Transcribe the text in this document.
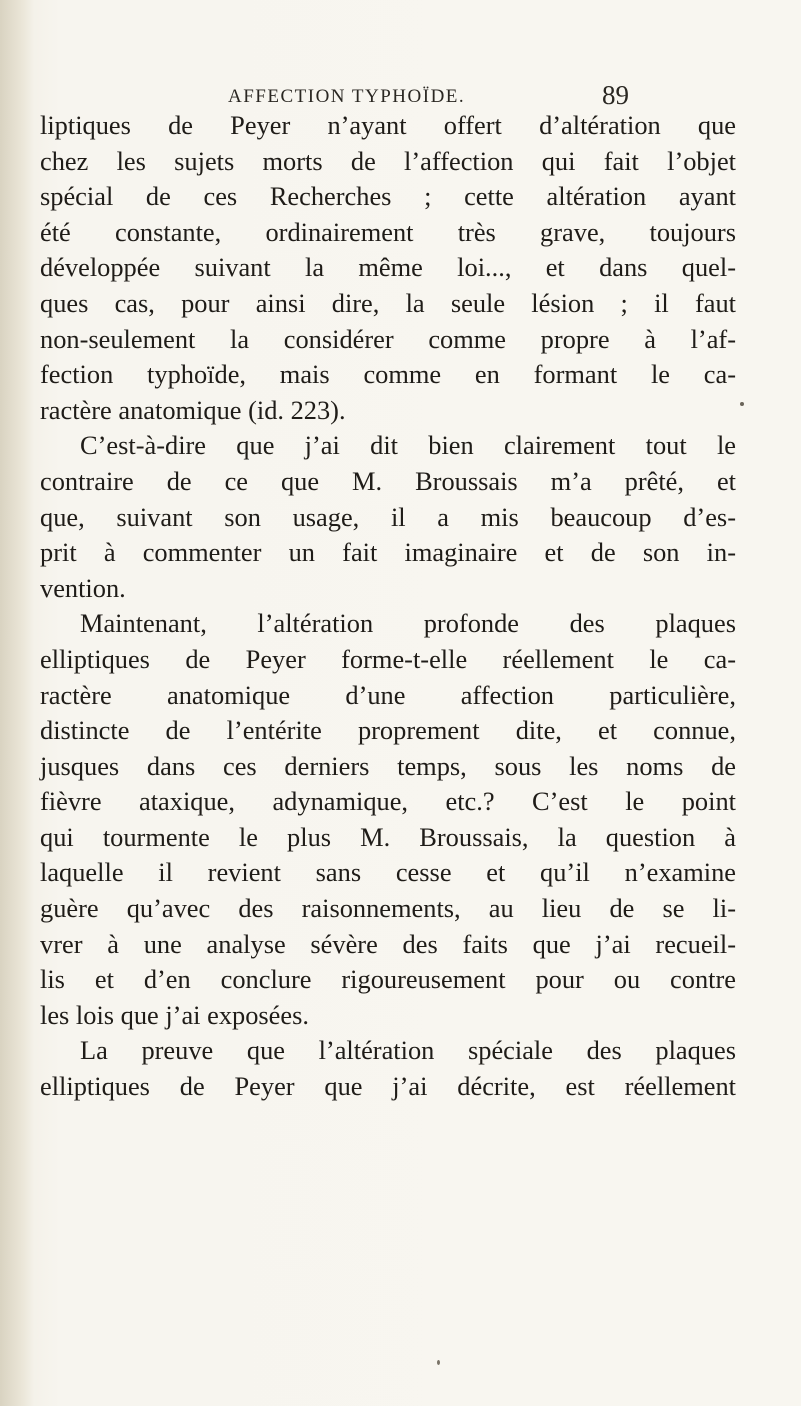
AFFECTION TYPHOÏDE.	89
liptiques de Peyer n’ayant offert d’altération que
chez les sujets morts de l’affection qui fait l’objet
spécial de ces Recherches ; cette altération ayant
été constante, ordinairement très grave, toujours
développée suivant la même loi..., et dans quel-
ques cas, pour ainsi dire, la seule lésion ; il faut
non-seulement la considérer comme propre à l’af-
fection typhoïde, mais comme en formant le ca-
ractère anatomique (id. 223).
C’est-à-dire que j’ai dit bien clairement tout le
contraire de ce que M. Broussais m’a prêté, et
que, suivant son usage, il a mis beaucoup d’es-
prit à commenter un fait imaginaire et de son in-
vention.
Maintenant, l’altération profonde des plaques
elliptiques de Peyer forme-t-elle réellement le ca-
ractère anatomique d’une affection particulière,
distincte de l’entérite proprement dite, et connue,
jusques dans ces derniers temps, sous les noms de
fièvre ataxique, adynamique, etc.? C’est le point
qui tourmente le plus M. Broussais, la question à
laquelle il revient sans cesse et qu’il n’examine
guère qu’avec des raisonnements, au lieu de se li-
vrer à une analyse sévère des faits que j’ai recueil-
lis et d’en conclure rigoureusement pour ou contre
les lois que j’ai exposées.
La preuve que l’altération spéciale des plaques
elliptiques de Peyer que j’ai décrite, est réellement
